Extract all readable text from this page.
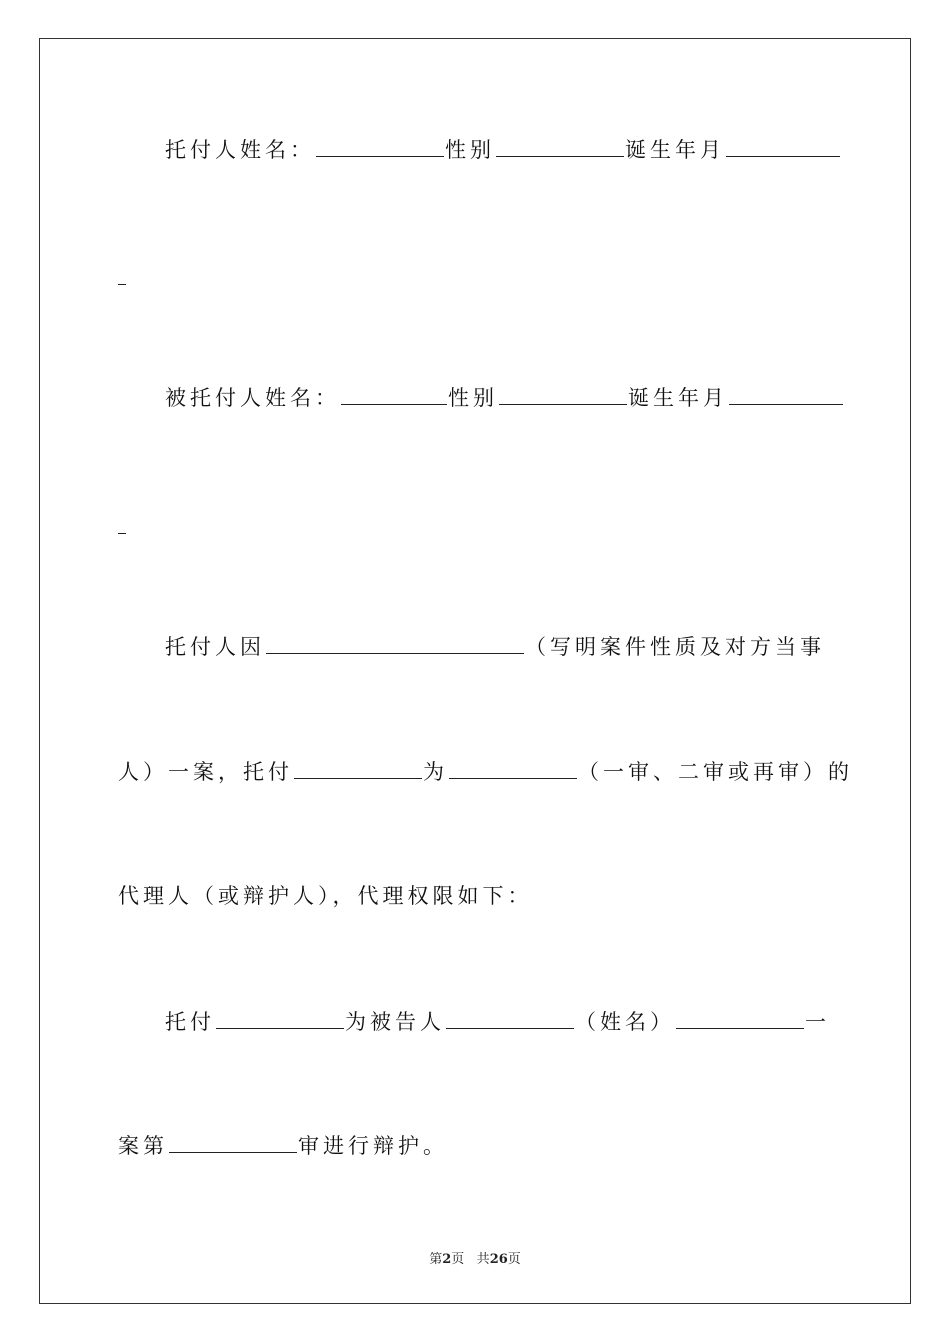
托付人姓名：	性别	诞生年月
被托付人姓名：	性别	诞生年月
托付人因	（写明案件性质及对方当事
人）一案，托付	为	（一审、二审或再审）的
代理人（或辩护人），代理权限如下：
托付	为被告人	（姓名）	一
案第	审进行辩护。
第2页 共26页
